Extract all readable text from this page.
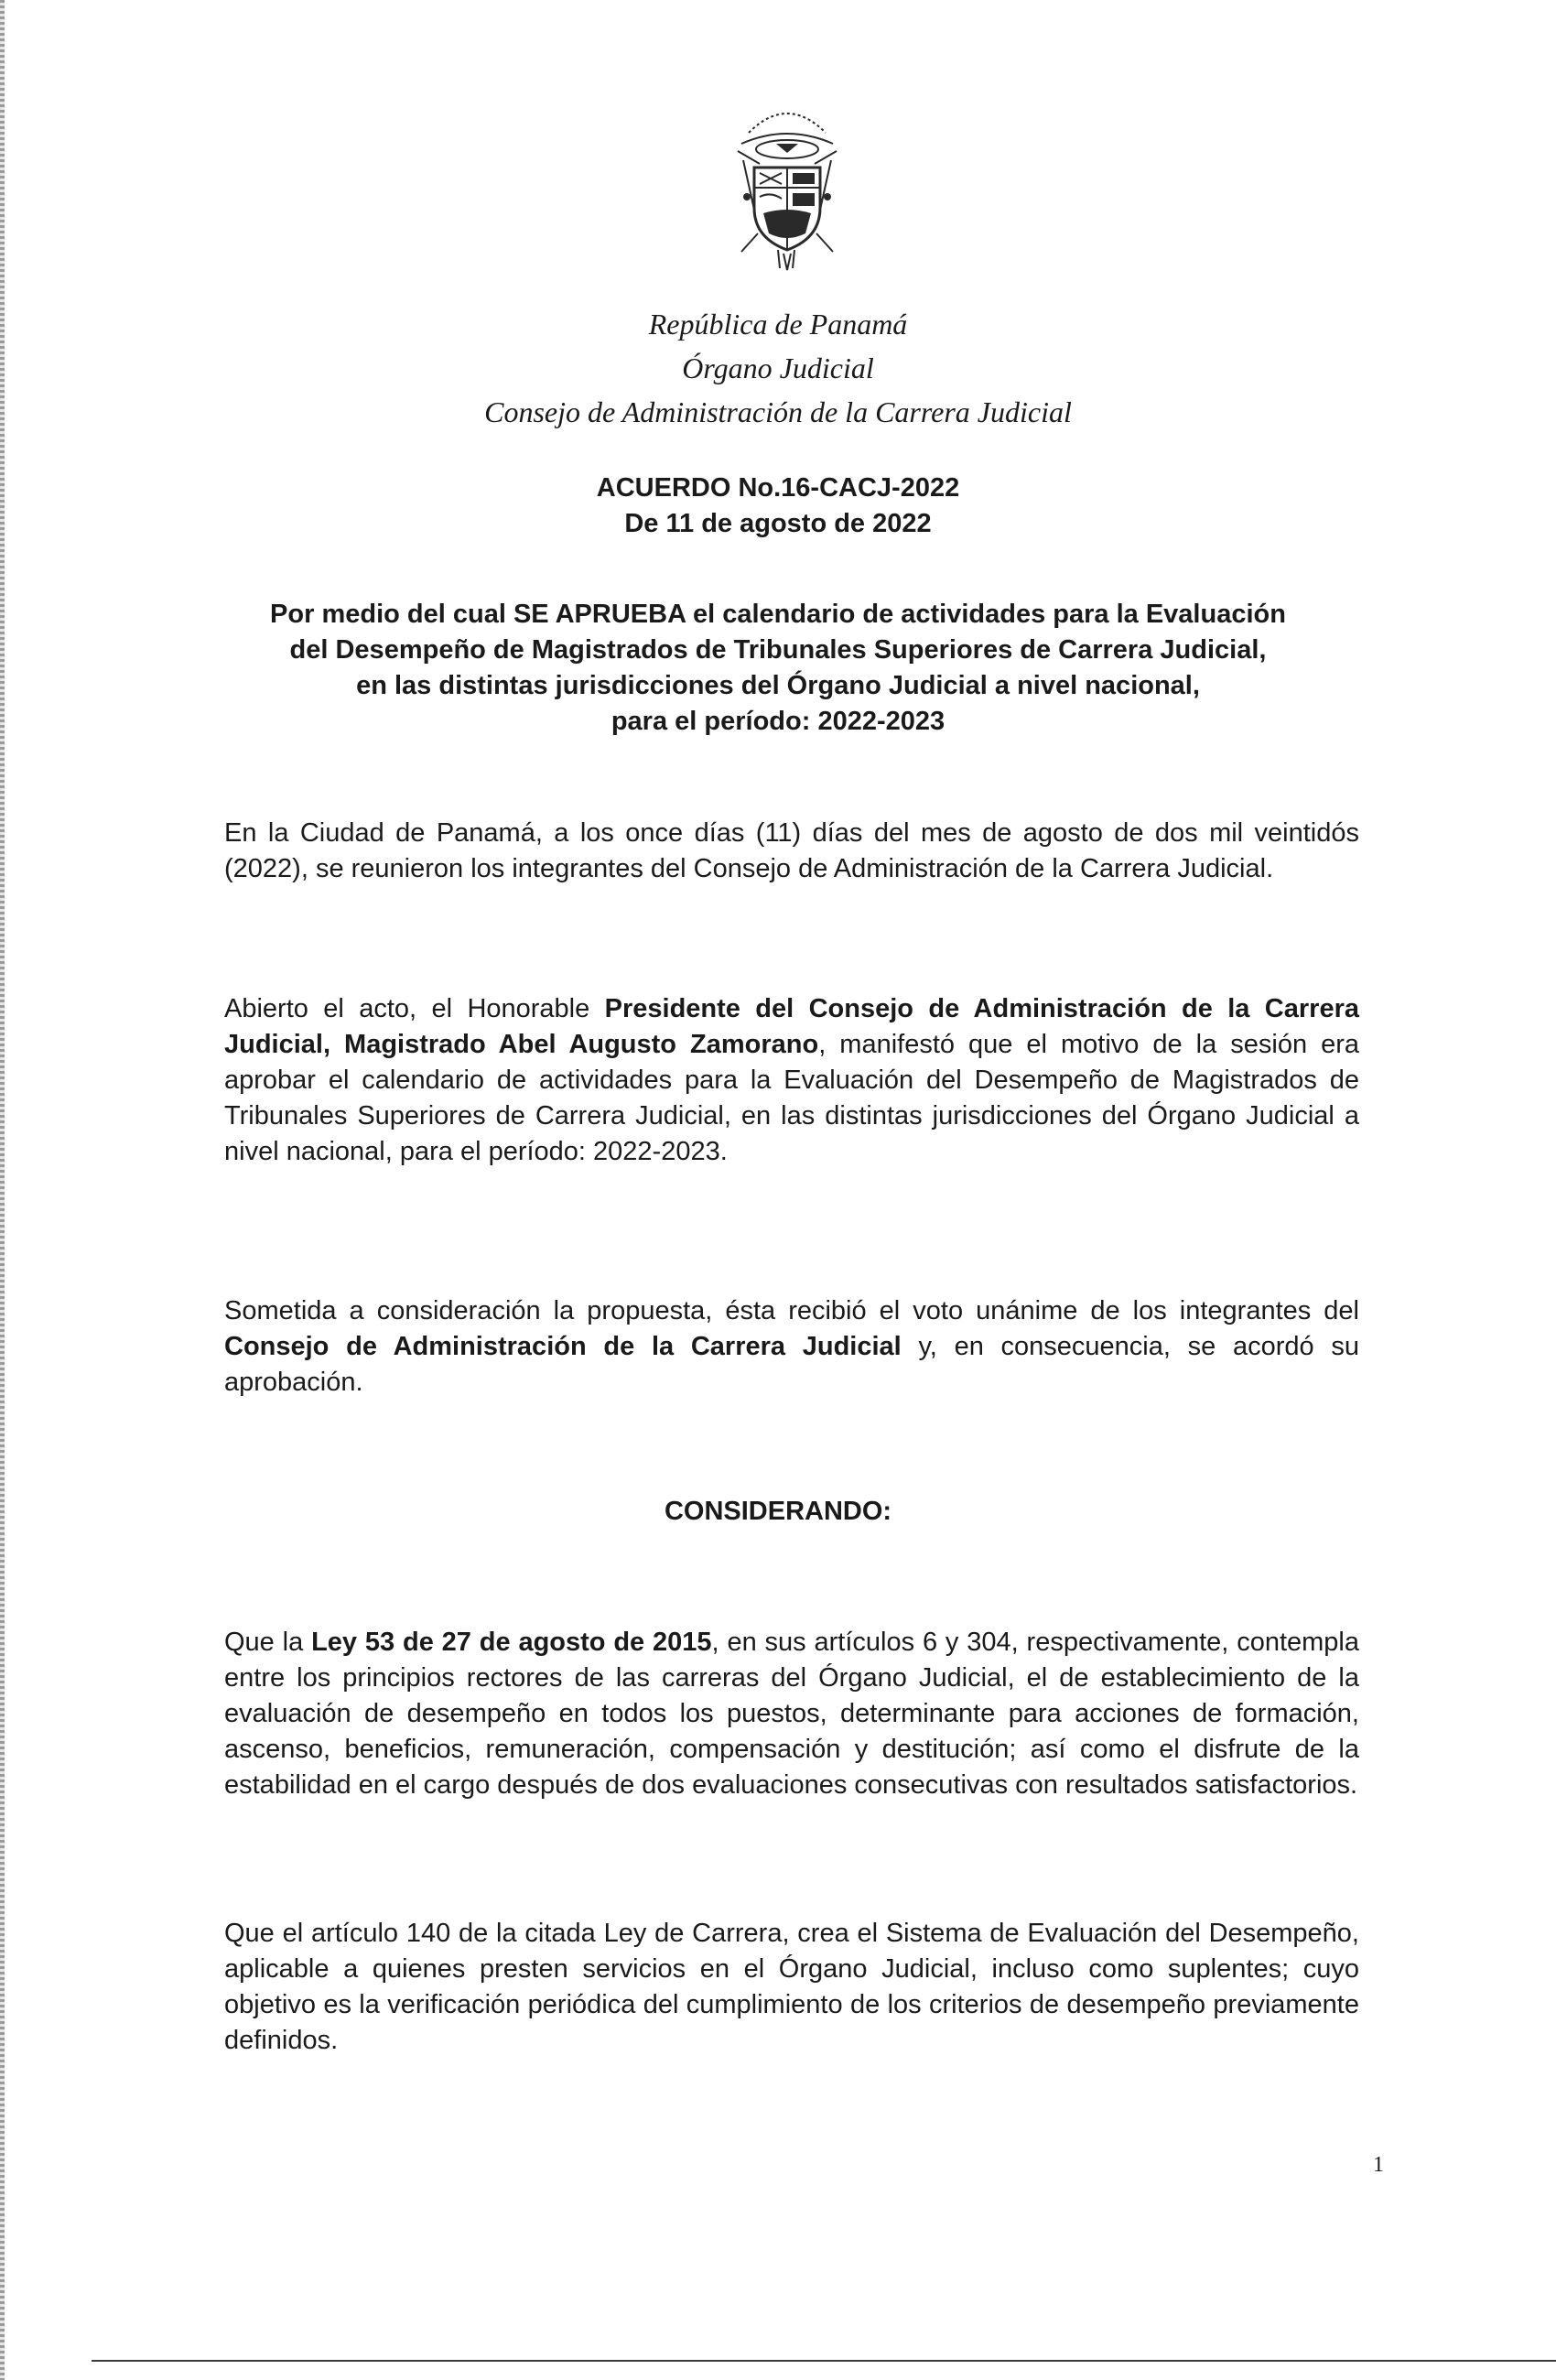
República de Panamá
Órgano Judicial
Consejo de Administración de la Carrera Judicial
ACUERDO No.16-CACJ-2022
De 11 de agosto de 2022
Por medio del cual SE APRUEBA el calendario de actividades para la Evaluación
del Desempeño de Magistrados de Tribunales Superiores de Carrera Judicial,
en las distintas jurisdicciones del Órgano Judicial a nivel nacional,
para el período: 2022-2023
En la Ciudad de Panamá, a los once días (11) días del mes de agosto de dos mil veintidós (2022), se reunieron los integrantes del Consejo de Administración de la Carrera Judicial.
Abierto el acto, el Honorable Presidente del Consejo de Administración de la Carrera Judicial, Magistrado Abel Augusto Zamorano, manifestó que el motivo de la sesión era aprobar el calendario de actividades para la Evaluación del Desempeño de Magistrados de Tribunales Superiores de Carrera Judicial, en las distintas jurisdicciones del Órgano Judicial a nivel nacional, para el período: 2022-2023.
Sometida a consideración la propuesta, ésta recibió el voto unánime de los integrantes del Consejo de Administración de la Carrera Judicial y, en consecuencia, se acordó su aprobación.
CONSIDERANDO:
Que la Ley 53 de 27 de agosto de 2015, en sus artículos 6 y 304, respectivamente, contempla entre los principios rectores de las carreras del Órgano Judicial, el de establecimiento de la evaluación de desempeño en todos los puestos, determinante para acciones de formación, ascenso, beneficios, remuneración, compensación y destitución; así como el disfrute de la estabilidad en el cargo después de dos evaluaciones consecutivas con resultados satisfactorios.
Que el artículo 140 de la citada Ley de Carrera, crea el Sistema de Evaluación del Desempeño, aplicable a quienes presten servicios en el Órgano Judicial, incluso como suplentes; cuyo objetivo es la verificación periódica del cumplimiento de los criterios de desempeño previamente definidos.
1
